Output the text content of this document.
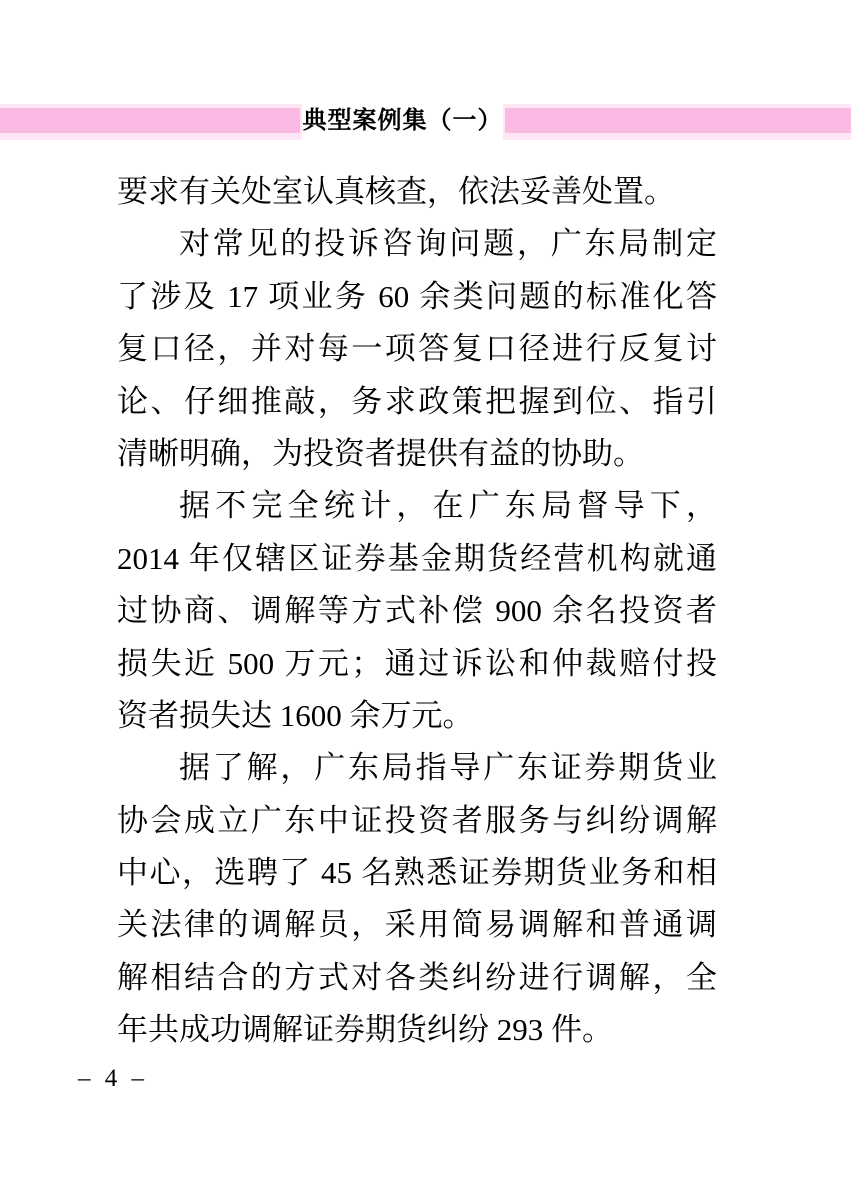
典型案例集（一）
要求有关处室认真核查，依法妥善处置。
对常见的投诉咨询问题，广东局制定
了涉及 17 项业务 60 余类问题的标准化答
复口径，并对每一项答复口径进行反复讨
论、仔细推敲，务求政策把握到位、指引
清晰明确，为投资者提供有益的协助。
据不完全统计，在广东局督导下，
2014 年仅辖区证券基金期货经营机构就通
过协商、调解等方式补偿 900 余名投资者
损失近 500 万元；通过诉讼和仲裁赔付投
资者损失达 1600 余万元。
据了解，广东局指导广东证券期货业
协会成立广东中证投资者服务与纠纷调解
中心，选聘了 45 名熟悉证券期货业务和相
关法律的调解员，采用简易调解和普通调
解相结合的方式对各类纠纷进行调解，全
年共成功调解证券期货纠纷 293 件。
– 4 –
